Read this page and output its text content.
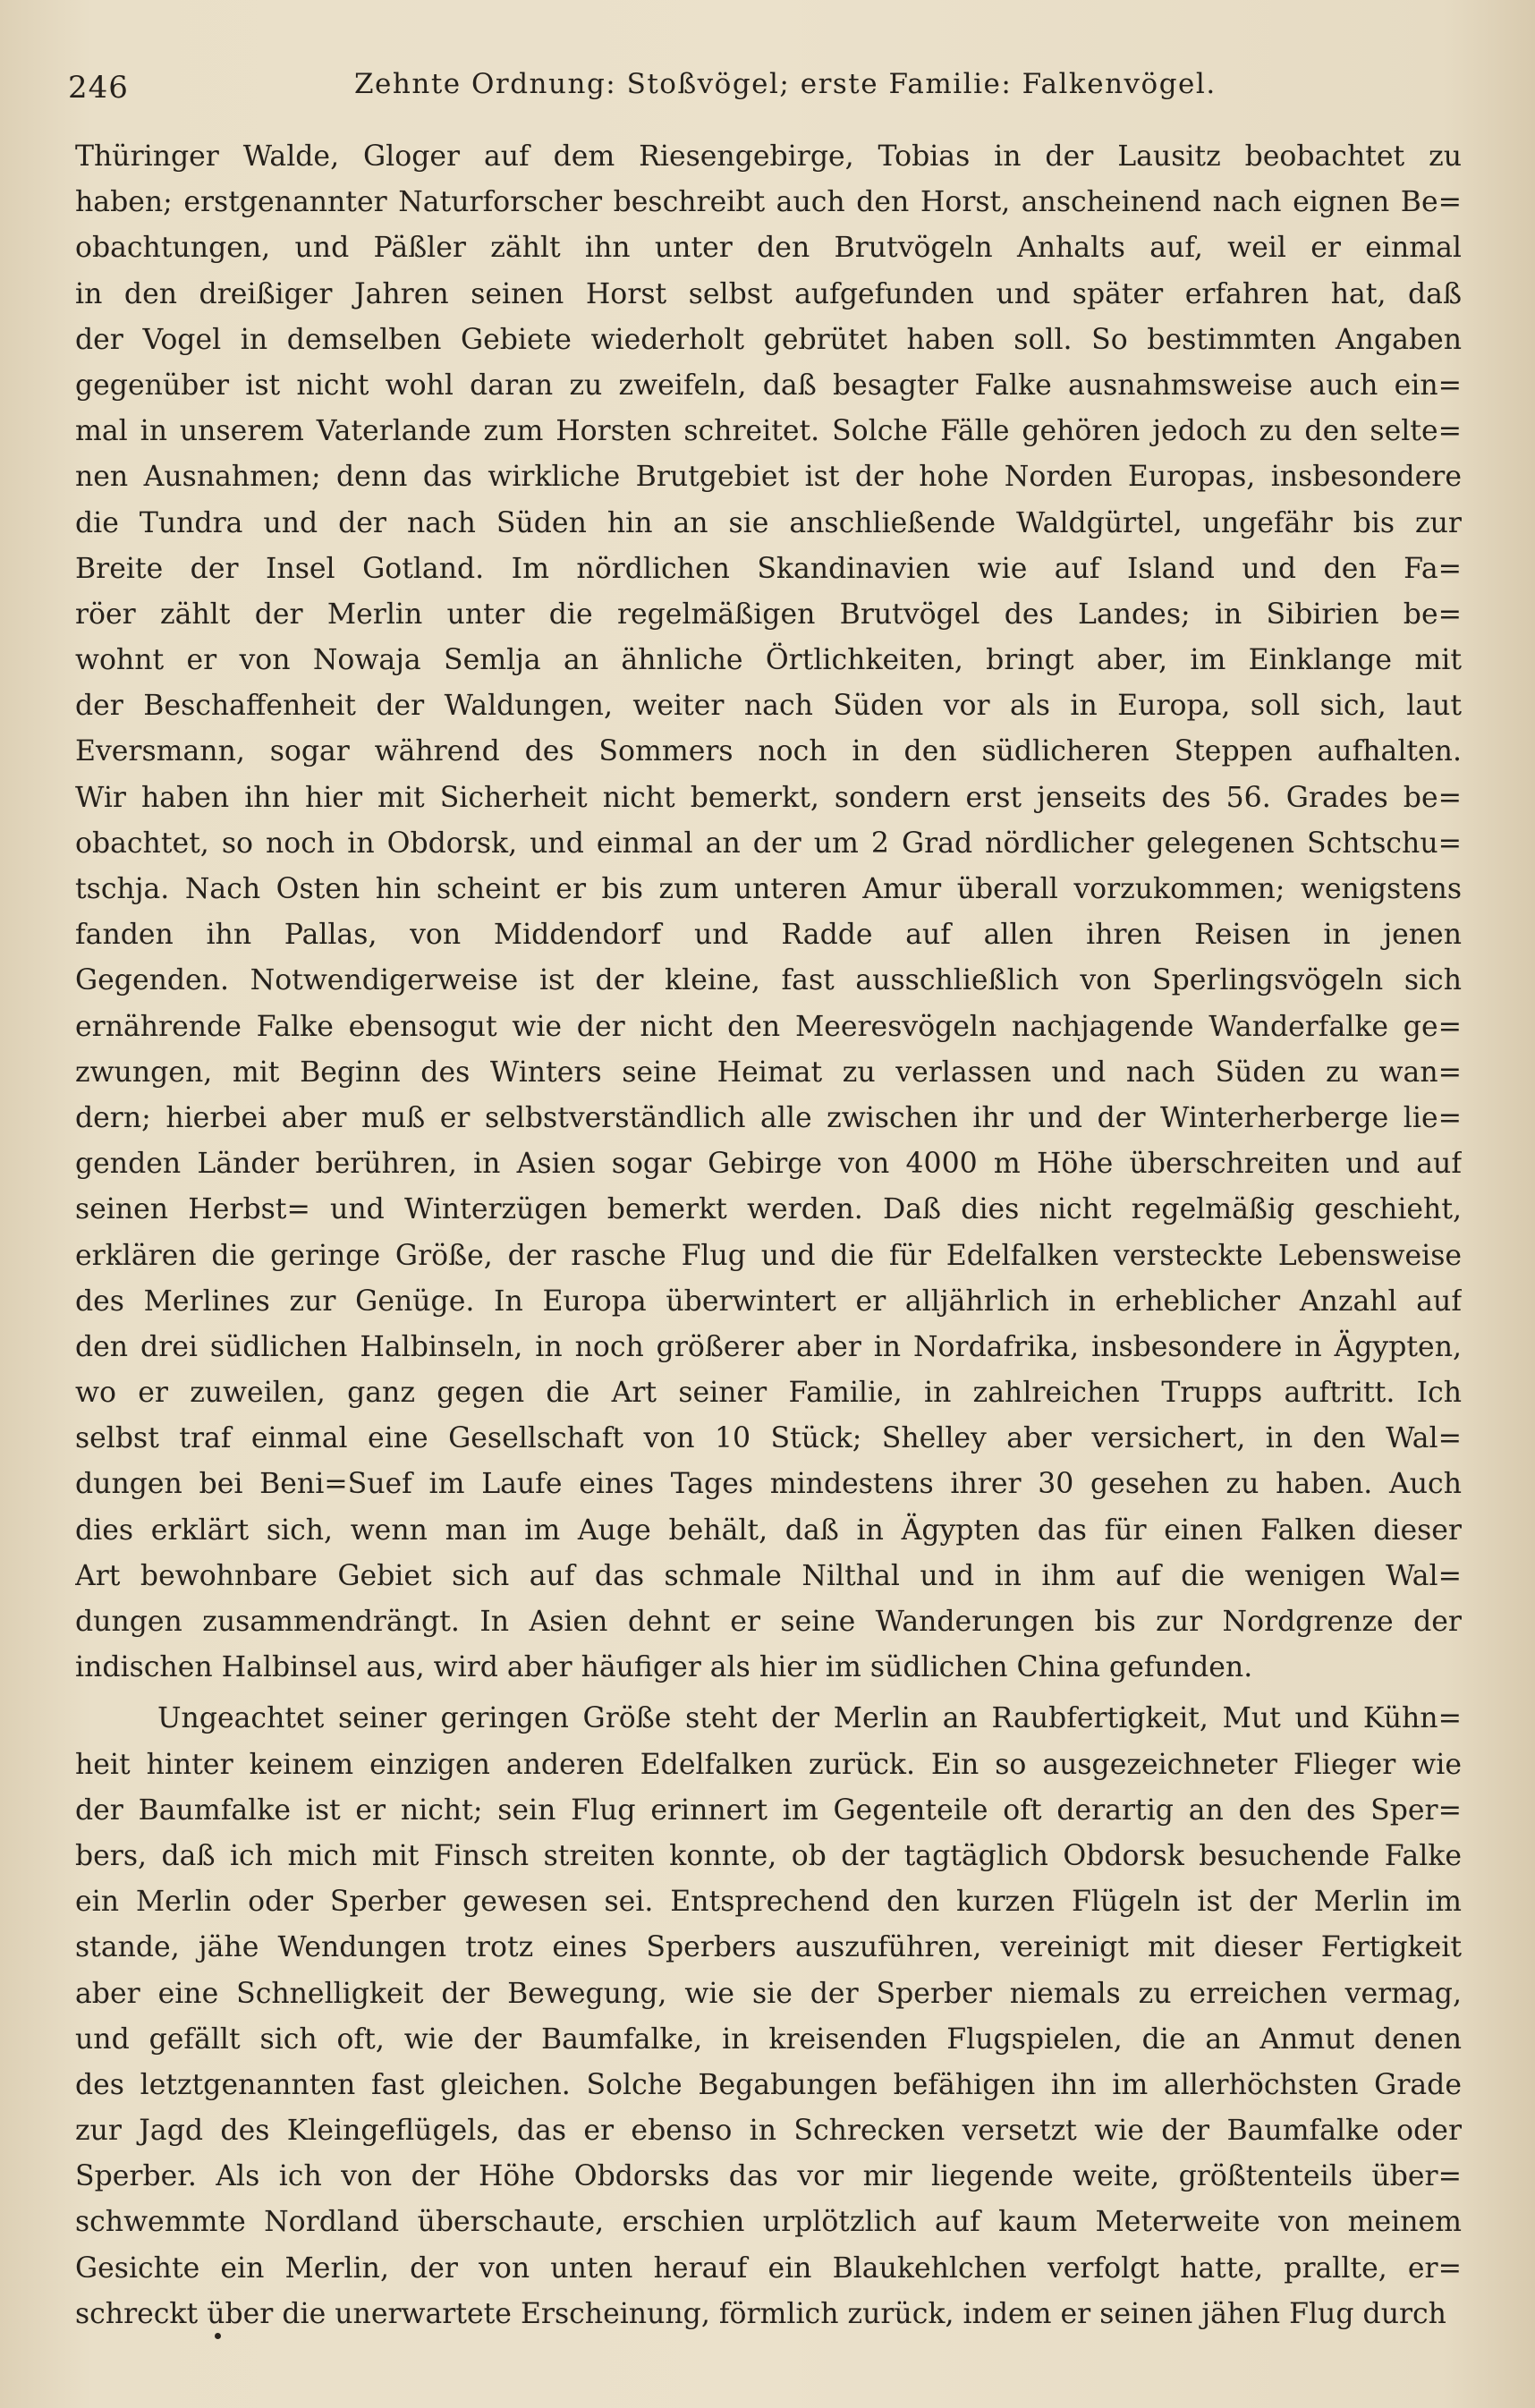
246	Zehnte Ordnung: Stoßvögel; erste Familie: Falkenvögel.
Thüringer Walde, Gloger auf dem Riesengebirge, Tobias in der Lausitz beobachtet zu
haben; erstgenannter Naturforscher beschreibt auch den Horst, anscheinend nach eignen Be=
obachtungen, und Päßler zählt ihn unter den Brutvögeln Anhalts auf, weil er einmal
in den dreißiger Jahren seinen Horst selbst aufgefunden und später erfahren hat, daß
der Vogel in demselben Gebiete wiederholt gebrütet haben soll. So bestimmten Angaben
gegenüber ist nicht wohl daran zu zweifeln, daß besagter Falke ausnahmsweise auch ein=
mal in unserem Vaterlande zum Horsten schreitet. Solche Fälle gehören jedoch zu den selte=
nen Ausnahmen; denn das wirkliche Brutgebiet ist der hohe Norden Europas, insbesondere
die Tundra und der nach Süden hin an sie anschließende Waldgürtel, ungefähr bis zur
Breite der Insel Gotland. Im nördlichen Skandinavien wie auf Island und den Fa=
röer zählt der Merlin unter die regelmäßigen Brutvögel des Landes; in Sibirien be=
wohnt er von Nowaja Semlja an ähnliche Örtlichkeiten, bringt aber, im Einklange mit
der Beschaffenheit der Waldungen, weiter nach Süden vor als in Europa, soll sich, laut
Eversmann, sogar während des Sommers noch in den südlicheren Steppen aufhalten.
Wir haben ihn hier mit Sicherheit nicht bemerkt, sondern erst jenseits des 56. Grades be=
obachtet, so noch in Obdorsk, und einmal an der um 2 Grad nördlicher gelegenen Schtschu=
tschja. Nach Osten hin scheint er bis zum unteren Amur überall vorzukommen; wenigstens
fanden ihn Pallas, von Middendorf und Radde auf allen ihren Reisen in jenen
Gegenden. Notwendigerweise ist der kleine, fast ausschließlich von Sperlingsvögeln sich
ernährende Falke ebensogut wie der nicht den Meeresvögeln nachjagende Wanderfalke ge=
zwungen, mit Beginn des Winters seine Heimat zu verlassen und nach Süden zu wan=
dern; hierbei aber muß er selbstverständlich alle zwischen ihr und der Winterherberge lie=
genden Länder berühren, in Asien sogar Gebirge von 4000 m Höhe überschreiten und auf
seinen Herbst= und Winterzügen bemerkt werden. Daß dies nicht regelmäßig geschieht,
erklären die geringe Größe, der rasche Flug und die für Edelfalken versteckte Lebensweise
des Merlines zur Genüge. In Europa überwintert er alljährlich in erheblicher Anzahl auf
den drei südlichen Halbinseln, in noch größerer aber in Nordafrika, insbesondere in Ägypten,
wo er zuweilen, ganz gegen die Art seiner Familie, in zahlreichen Trupps auftritt. Ich
selbst traf einmal eine Gesellschaft von 10 Stück; Shelley aber versichert, in den Wal=
dungen bei Beni=Suef im Laufe eines Tages mindestens ihrer 30 gesehen zu haben. Auch
dies erklärt sich, wenn man im Auge behält, daß in Ägypten das für einen Falken dieser
Art bewohnbare Gebiet sich auf das schmale Nilthal und in ihm auf die wenigen Wal=
dungen zusammendrängt. In Asien dehnt er seine Wanderungen bis zur Nordgrenze der
indischen Halbinsel aus, wird aber häufiger als hier im südlichen China gefunden.
Ungeachtet seiner geringen Größe steht der Merlin an Raubfertigkeit, Mut und Kühn=
heit hinter keinem einzigen anderen Edelfalken zurück. Ein so ausgezeichneter Flieger wie
der Baumfalke ist er nicht; sein Flug erinnert im Gegenteile oft derartig an den des Sper=
bers, daß ich mich mit Finsch streiten konnte, ob der tagtäglich Obdorsk besuchende Falke
ein Merlin oder Sperber gewesen sei. Entsprechend den kurzen Flügeln ist der Merlin im
stande, jähe Wendungen trotz eines Sperbers auszuführen, vereinigt mit dieser Fertigkeit
aber eine Schnelligkeit der Bewegung, wie sie der Sperber niemals zu erreichen vermag,
und gefällt sich oft, wie der Baumfalke, in kreisenden Flugspielen, die an Anmut denen
des letztgenannten fast gleichen. Solche Begabungen befähigen ihn im allerhöchsten Grade
zur Jagd des Kleingeflügels, das er ebenso in Schrecken versetzt wie der Baumfalke oder
Sperber. Als ich von der Höhe Obdorsks das vor mir liegende weite, größtenteils über=
schwemmte Nordland überschaute, erschien urplötzlich auf kaum Meterweite von meinem
Gesichte ein Merlin, der von unten herauf ein Blaukehlchen verfolgt hatte, prallte, er=
schreckt über die unerwartete Erscheinung, förmlich zurück, indem er seinen jähen Flug durch
